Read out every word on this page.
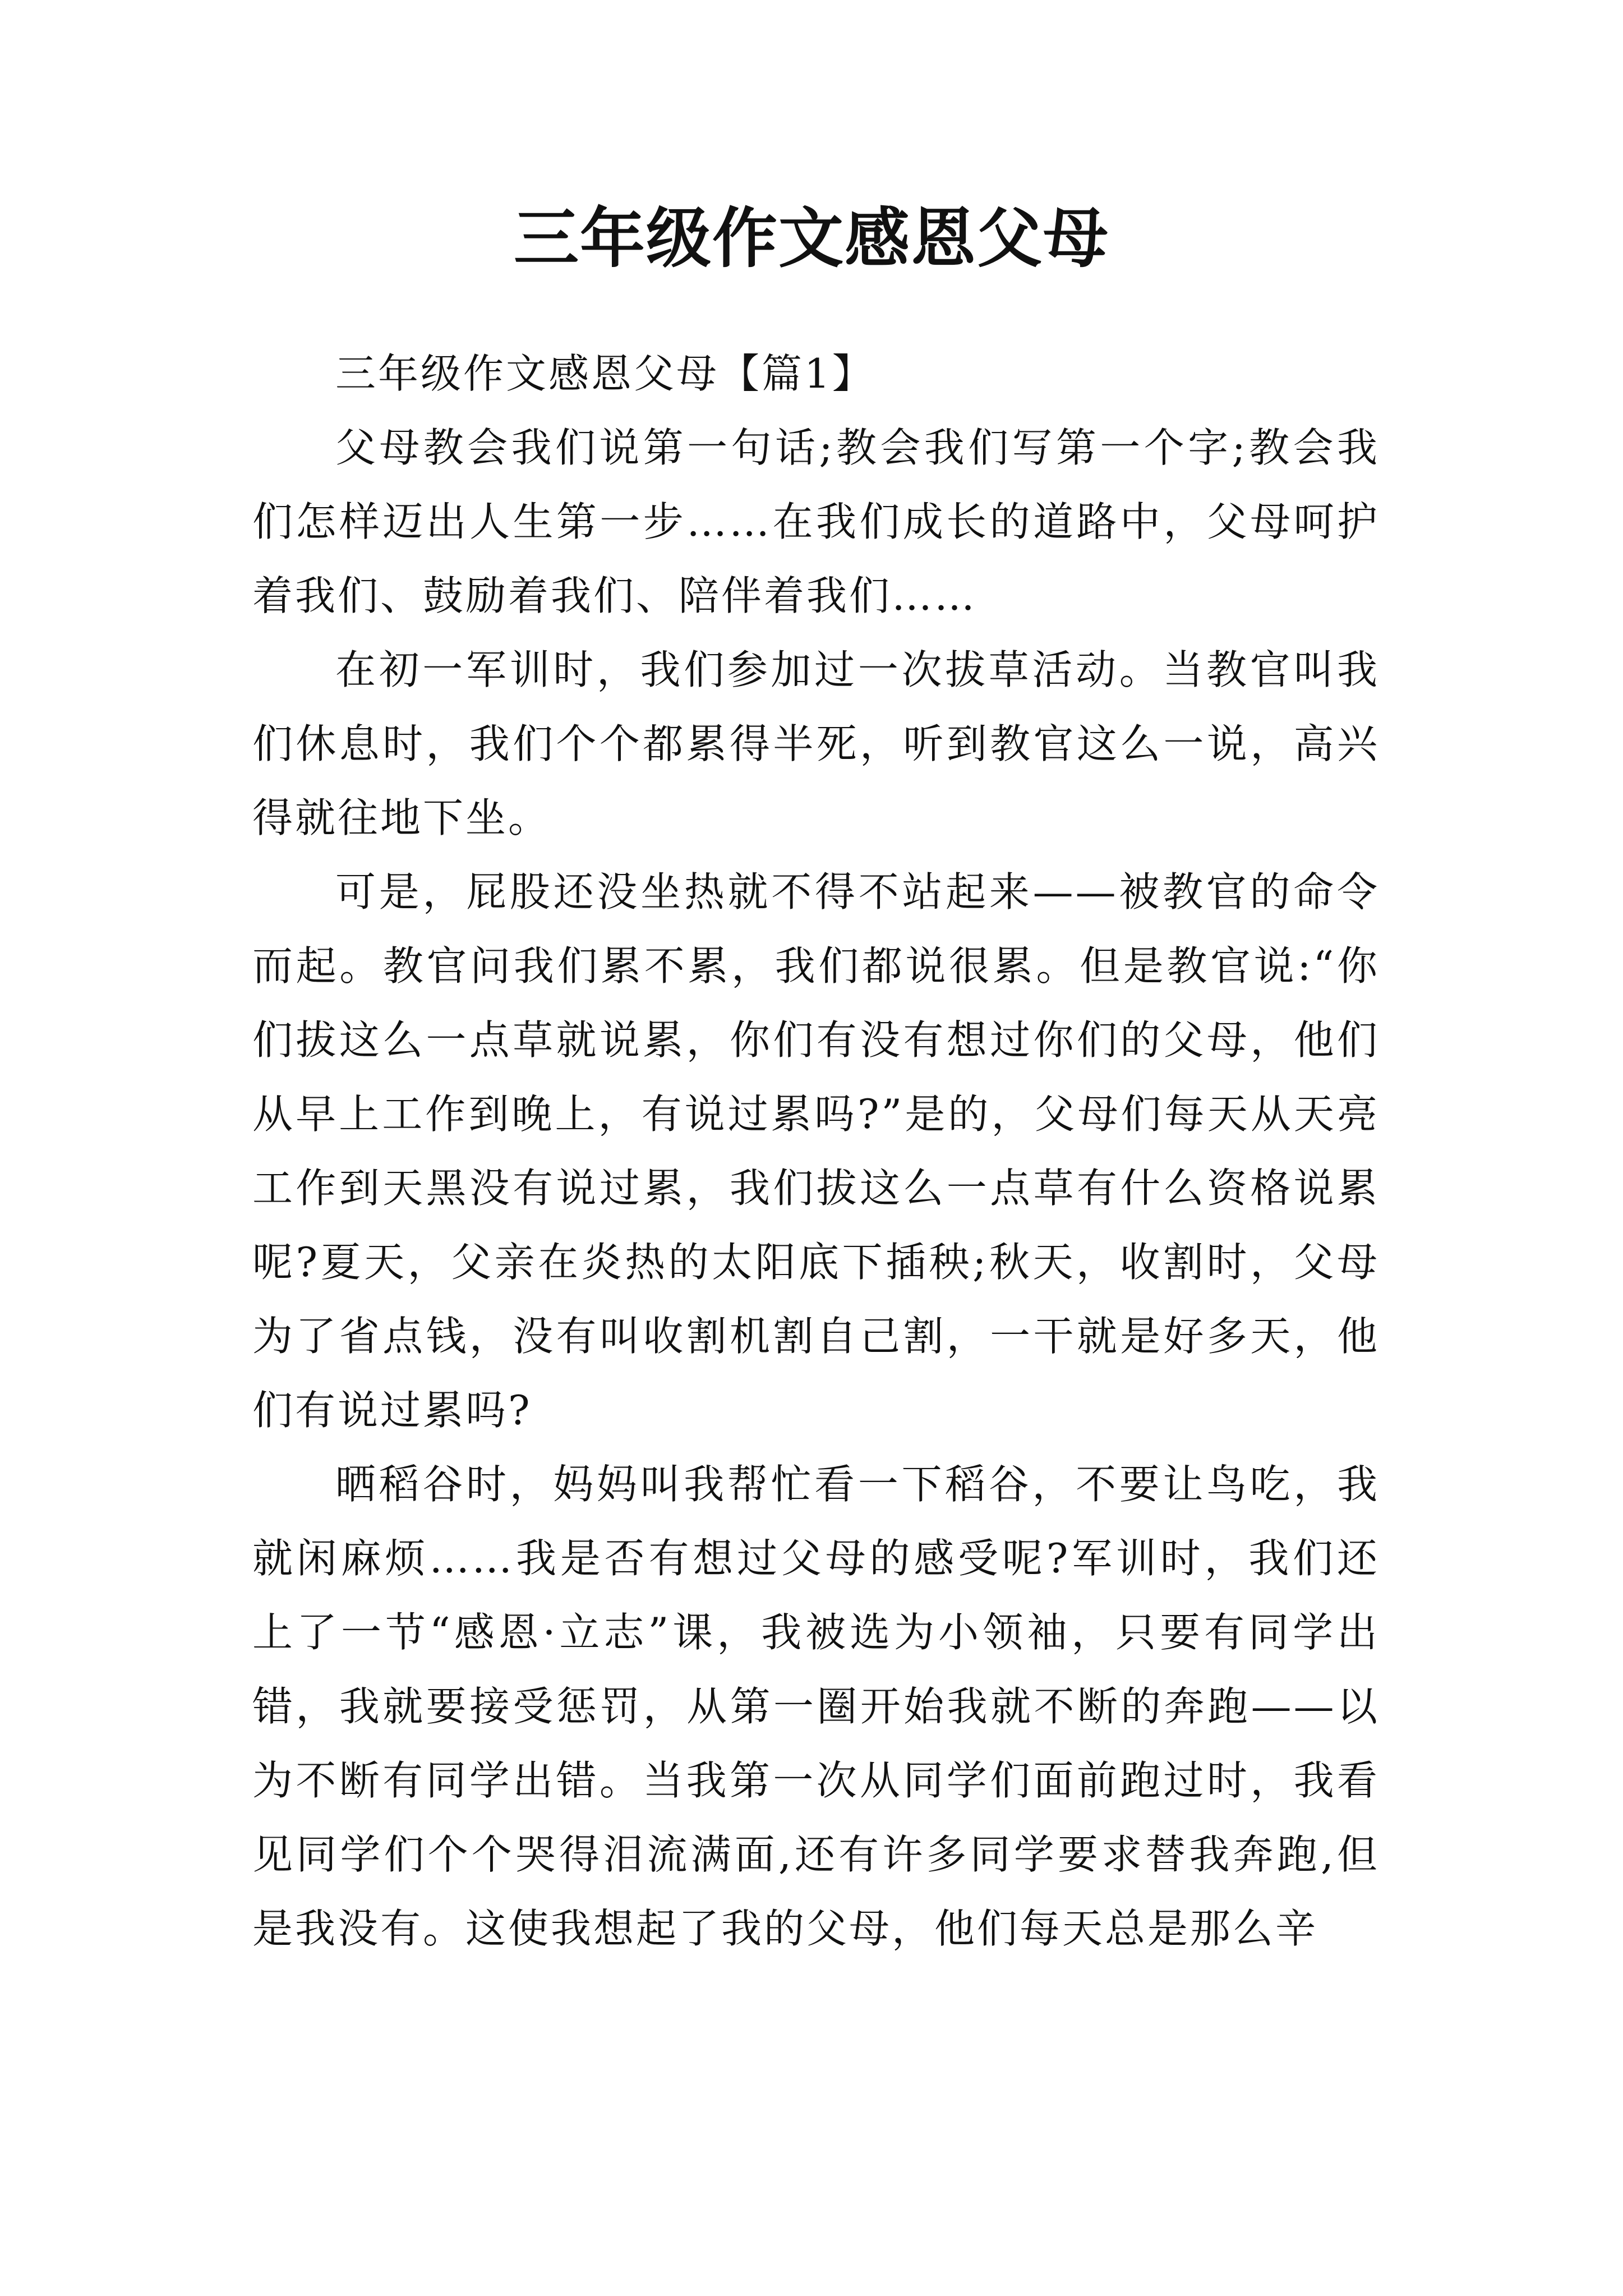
三年级作文感恩父母

三年级作文感恩父母【篇1】

父母教会我们说第一句话;教会我们写第一个字;教会我们怎样迈出人生第一步……在我们成长的道路中，父母呵护着我们、鼓励着我们、陪伴着我们……

在初一军训时，我们参加过一次拔草活动。当教官叫我们休息时，我们个个都累得半死，听到教官这么一说，高兴得就往地下坐。

可是，屁股还没坐热就不得不站起来——被教官的命令而起。教官问我们累不累，我们都说很累。但是教官说:“你们拔这么一点草就说累，你们有没有想过你们的父母，他们从早上工作到晚上，有说过累吗?”是的，父母们每天从天亮工作到天黑没有说过累，我们拔这么一点草有什么资格说累呢?夏天，父亲在炎热的太阳底下插秧;秋天，收割时，父母为了省点钱，没有叫收割机割自己割，一干就是好多天，他们有说过累吗?

晒稻谷时，妈妈叫我帮忙看一下稻谷，不要让鸟吃，我就闲麻烦……我是否有想过父母的感受呢?军训时，我们还上了一节“感恩·立志”课，我被选为小领袖，只要有同学出错，我就要接受惩罚，从第一圈开始我就不断的奔跑——以为不断有同学出错。当我第一次从同学们面前跑过时，我看见同学们个个哭得泪流满面,还有许多同学要求替我奔跑,但是我没有。这使我想起了我的父母，他们每天总是那么辛
